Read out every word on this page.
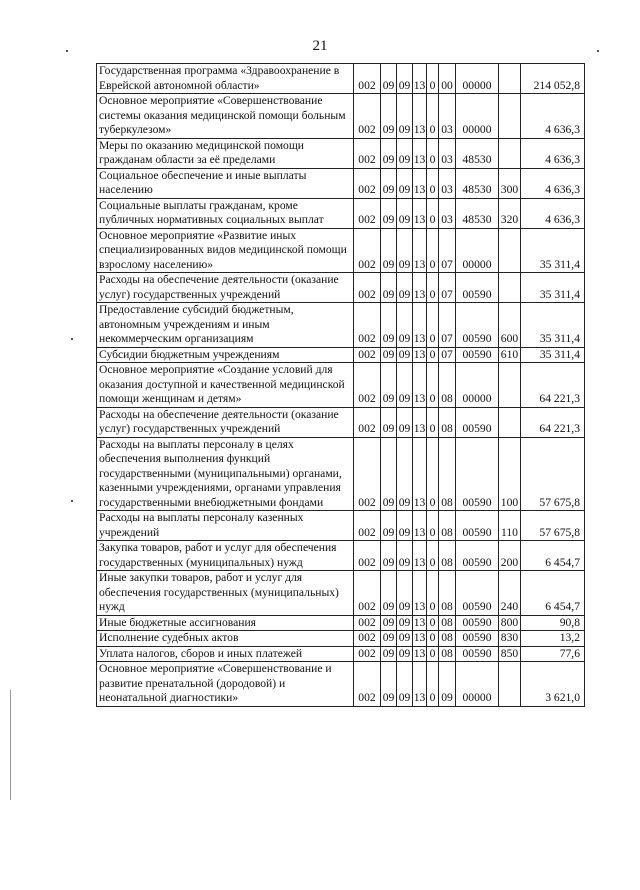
21
Государственная программа «Здравоохранение в Еврейской автономной области»	002	09	09	13	0	00	00000		214 052,8
Основное мероприятие «Совершенствование системы оказания медицинской помощи больным туберкулезом»	002	09	09	13	0	03	00000		4 636,3
Меры по оказанию медицинской помощи гражданам области за её пределами	002	09	09	13	0	03	48530		4 636,3
Социальное обеспечение и иные выплаты населению	002	09	09	13	0	03	48530	300	4 636,3
Социальные выплаты гражданам, кроме публичных нормативных социальных выплат	002	09	09	13	0	03	48530	320	4 636,3
Основное мероприятие «Развитие иных специализированных видов медицинской помощи взрослому населению»	002	09	09	13	0	07	00000		35 311,4
Расходы на обеспечение деятельности (оказание услуг) государственных учреждений	002	09	09	13	0	07	00590		35 311,4
Предоставление субсидий бюджетным, автономным учреждениям и иным некоммерческим организациям	002	09	09	13	0	07	00590	600	35 311,4
Субсидии бюджетным учреждениям	002	09	09	13	0	07	00590	610	35 311,4
Основное мероприятие «Создание условий для оказания доступной и качественной медицинской помощи женщинам и детям»	002	09	09	13	0	08	00000		64 221,3
Расходы на обеспечение деятельности (оказание услуг) государственных учреждений	002	09	09	13	0	08	00590		64 221,3
Расходы на выплаты персоналу в целях обеспечения выполнения функций государственными (муниципальными) органами, казенными учреждениями, органами управления государственными внебюджетными фондами	002	09	09	13	0	08	00590	100	57 675,8
Расходы на выплаты персоналу казенных учреждений	002	09	09	13	0	08	00590	110	57 675,8
Закупка товаров, работ и услуг для обеспечения государственных (муниципальных) нужд	002	09	09	13	0	08	00590	200	6 454,7
Иные закупки товаров, работ и услуг для обеспечения государственных (муниципальных) нужд	002	09	09	13	0	08	00590	240	6 454,7
Иные бюджетные ассигнования	002	09	09	13	0	08	00590	800	90,8
Исполнение судебных актов	002	09	09	13	0	08	00590	830	13,2
Уплата налогов, сборов и иных платежей	002	09	09	13	0	08	00590	850	77,6
Основное мероприятие «Совершенствование и развитие пренатальной (дородовой) и неонатальной диагностики»	002	09	09	13	0	09	00000		3 621,0
